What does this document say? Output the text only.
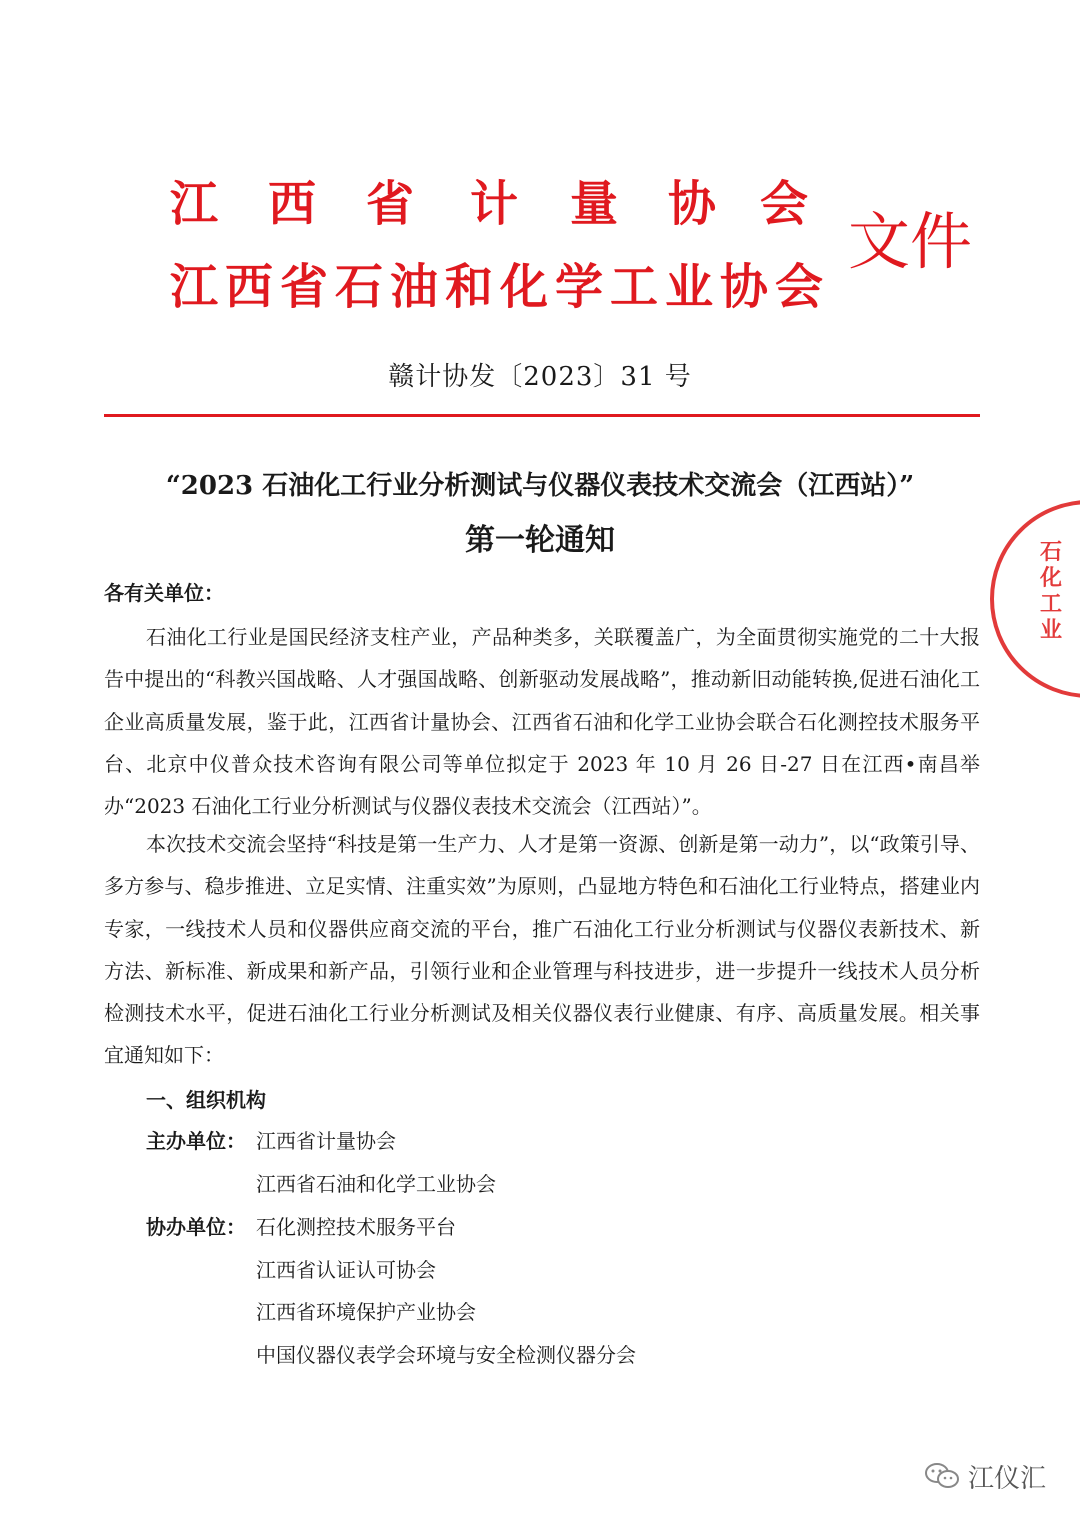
江 西 省 计 量 协 会
江西省石油和化学工业协会
文件
赣计协发〔2023〕31 号
“2023 石油化工行业分析测试与仪器仪表技术交流会（江西站）”
第一轮通知
各有关单位：

石油化工行业是国民经济支柱产业，产品种类多，关联覆盖广，为全面贯彻实施党的二十大报告中提出的“科教兴国战略、人才强国战略、创新驱动发展战略”，推动新旧动能转换,促进石油化工企业高质量发展，鉴于此，江西省计量协会、江西省石油和化学工业协会联合石化测控技术服务平台、北京中仪普众技术咨询有限公司等单位拟定于 2023 年 10 月 26 日-27 日在江西•南昌举办“2023 石油化工行业分析测试与仪器仪表技术交流会（江西站）”。

本次技术交流会坚持“科技是第一生产力、人才是第一资源、创新是第一动力”，以“政策引导、多方参与、稳步推进、立足实情、注重实效”为原则，凸显地方特色和石油化工行业特点，搭建业内专家，一线技术人员和仪器供应商交流的平台，推广石油化工行业分析测试与仪器仪表新技术、新方法、新标准、新成果和新产品，引领行业和企业管理与科技进步，进一步提升一线技术人员分析检测技术水平，促进石油化工行业分析测试及相关仪器仪表行业健康、有序、高质量发展。相关事宜通知如下：

一、组织机构
主办单位： 江西省计量协会
江西省石油和化学工业协会
协办单位： 石化测控技术服务平台
江西省认证认可协会
江西省环境保护产业协会
中国仪器仪表学会环境与安全检测仪器分会
石化工业
江仪汇
